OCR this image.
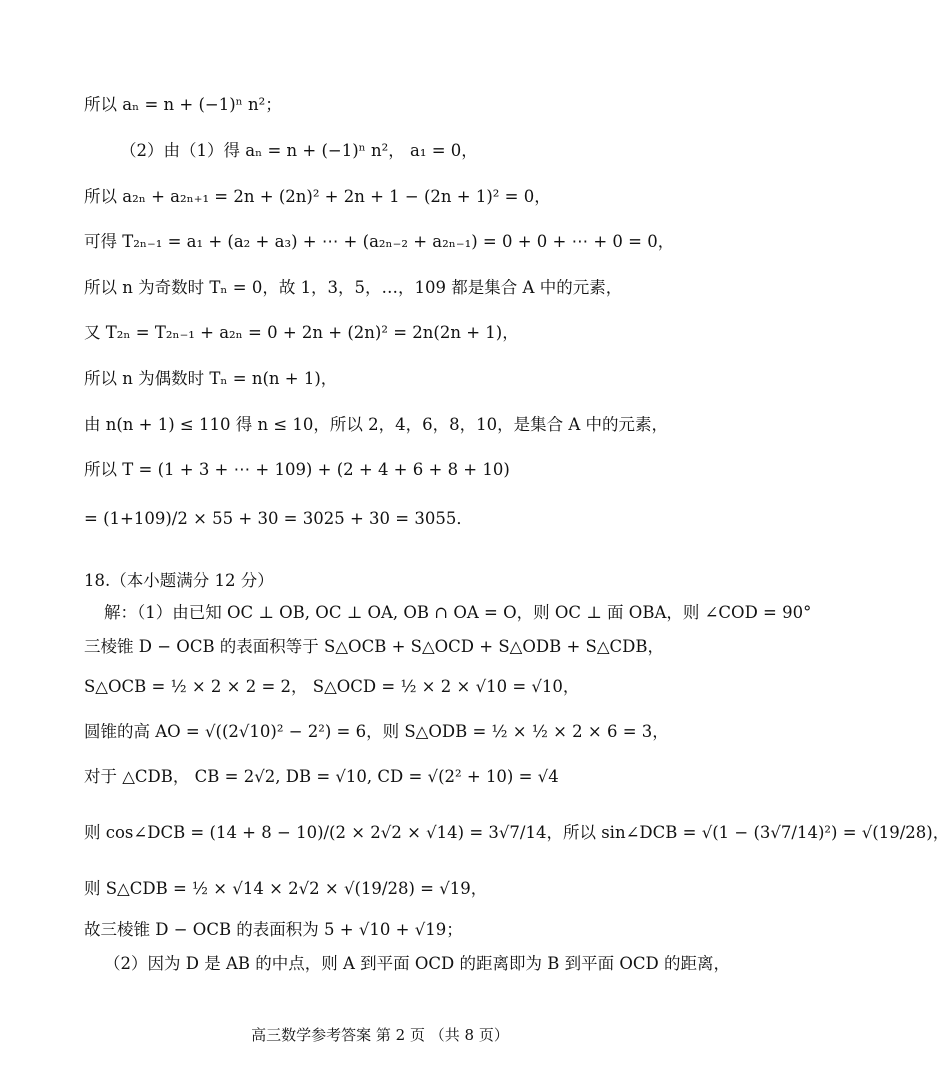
所以 aₙ = n + (−1)ⁿ n²；
（2）由（1）得 aₙ = n + (−1)ⁿ n²， a₁ = 0，
所以 a₂ₙ + a₂ₙ₊₁ = 2n + (2n)² + 2n + 1 − (2n + 1)² = 0，
可得 T₂ₙ₋₁ = a₁ + (a₂ + a₃) + ⋯ + (a₂ₙ₋₂ + a₂ₙ₋₁) = 0 + 0 + ⋯ + 0 = 0，
所以 n 为奇数时 Tₙ = 0，故 1，3，5，…，109 都是集合 A 中的元素，
又 T₂ₙ = T₂ₙ₋₁ + a₂ₙ = 0 + 2n + (2n)² = 2n(2n + 1)，
所以 n 为偶数时 Tₙ = n(n + 1)，
由 n(n + 1) ≤ 110 得 n ≤ 10，所以 2，4，6，8，10，是集合 A 中的元素，
所以 T = (1 + 3 + ⋯ + 109) + (2 + 4 + 6 + 8 + 10)
= (1+109)/2 × 55 + 30 = 3025 + 30 = 3055．
18.（本小题满分 12 分）
解：（1）由已知 OC ⊥ OB, OC ⊥ OA, OB ∩ OA = O，则 OC ⊥ 面 OBA，则 ∠COD = 90°
三棱锥 D − OCB 的表面积等于 S△OCB + S△OCD + S△ODB + S△CDB，
S△OCB = ½ × 2 × 2 = 2， S△OCD = ½ × 2 × √10 = √10，
圆锥的高 AO = √((2√10)² − 2²) = 6，则 S△ODB = ½ × ½ × 2 × 6 = 3，
对于 △CDB， CB = 2√2, DB = √10, CD = √(2² + 10) = √4
则 cos∠DCB = (14 + 8 − 10)/(2 × 2√2 × √14) = 3√7/14，所以 sin∠DCB = √(1 − (3√7/14)²) = √(19/28)，
则 S△CDB = ½ × √14 × 2√2 × √(19/28) = √19，
故三棱锥 D − OCB 的表面积为 5 + √10 + √19；
（2）因为 D 是 AB 的中点，则 A 到平面 OCD 的距离即为 B 到平面 OCD 的距离，
高三数学参考答案 第 2 页 （共 8 页）
